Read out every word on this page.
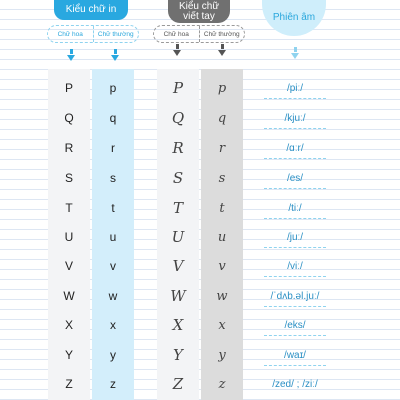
Kiểu chữ in	Kiểu chữ viết tay	Phiên âm
Chữ hoa	Chữ thường	Chữ hoa	Chữ thường
P	p	P	p	/piː/
Q	q	Q	q	/kjuː/
R	r	R	r	/ɑːr/
S	s	S	s	/es/
T	t	T	t	/tiː/
U	u	U	u	/juː/
V	v	V	v	/viː/
W	w	W	w	/ˈdʌb.əl.juː/
X	x	X	x	/eks/
Y	y	Y	y	/waɪ/
Z	z	Z	z	/zed/ ; /ziː/
